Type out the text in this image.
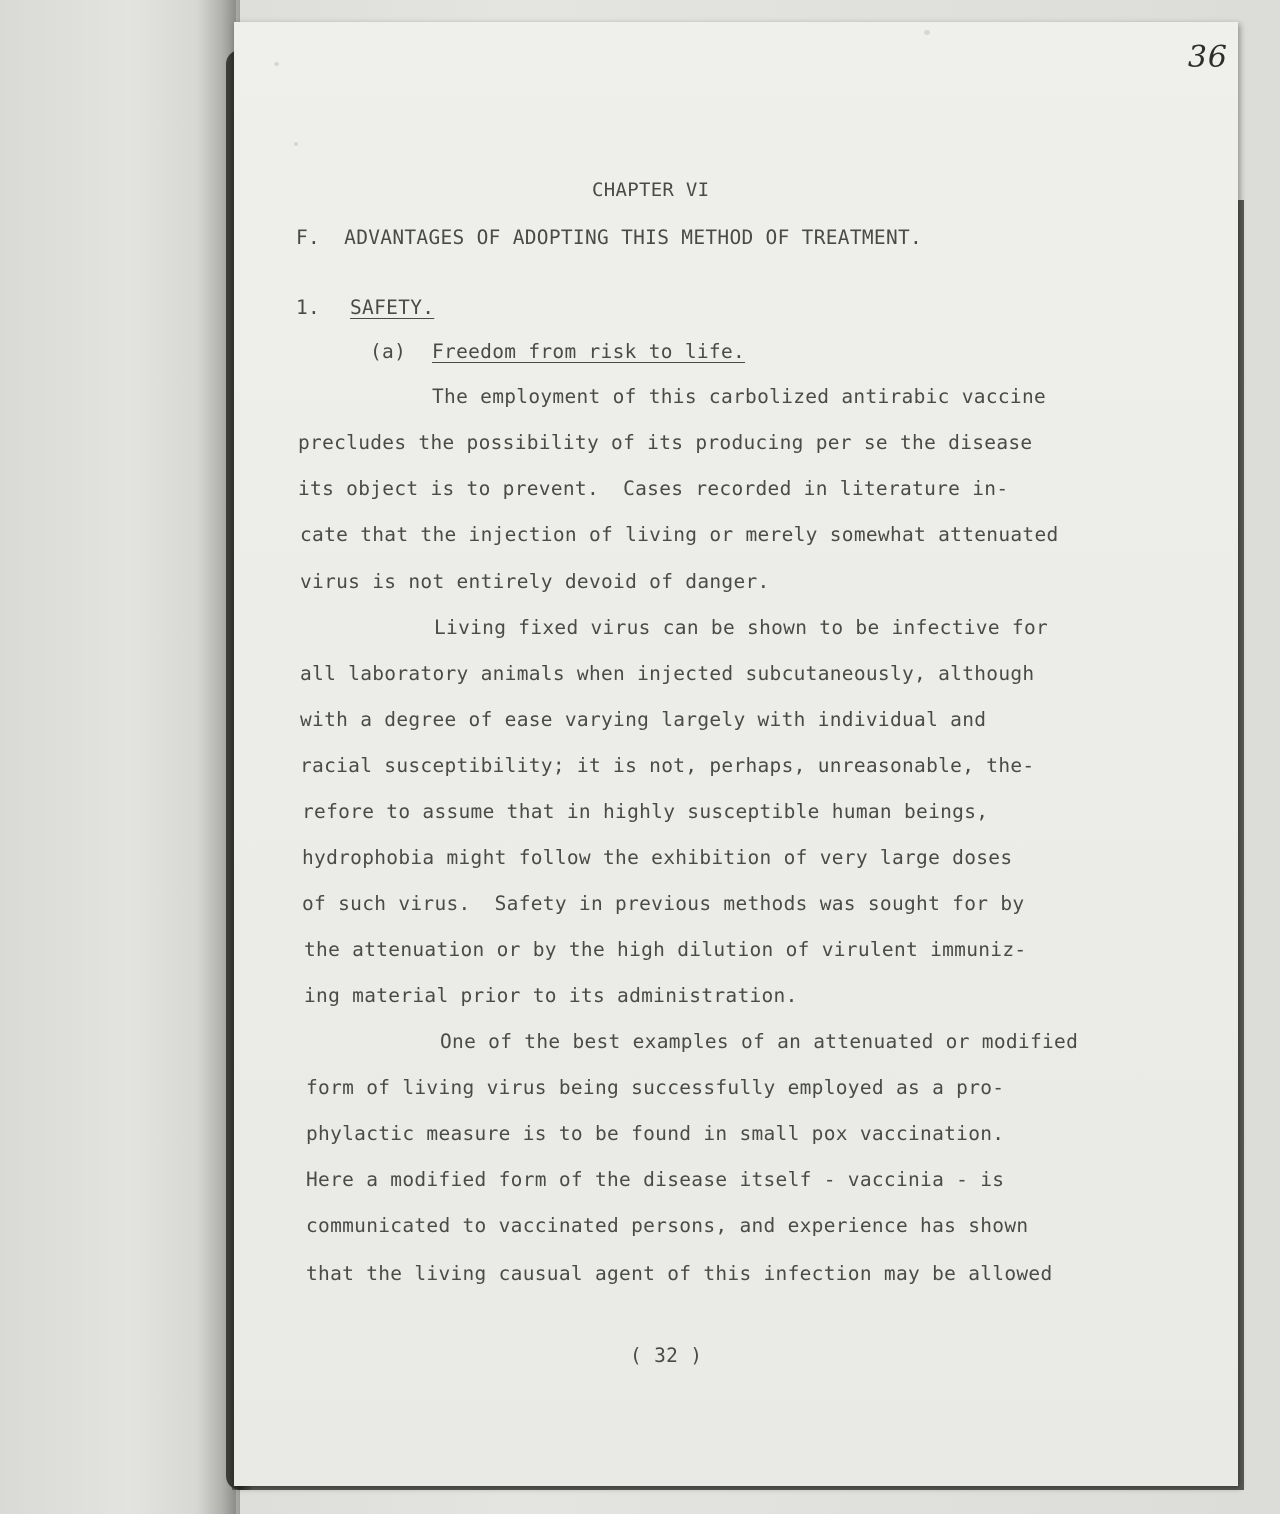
36
CHAPTER VI
F.  ADVANTAGES OF ADOPTING THIS METHOD OF TREATMENT.
1. SAFETY.
(a) Freedom from risk to life.
The employment of this carbolized antirabic vaccine
precludes the possibility of its producing per se the disease
its object is to prevent.  Cases recorded in literature in-
cate that the injection of living or merely somewhat attenuated
virus is not entirely devoid of danger.
Living fixed virus can be shown to be infective for
all laboratory animals when injected subcutaneously, although
with a degree of ease varying largely with individual and
racial susceptibility; it is not, perhaps, unreasonable, the-
refore to assume that in highly susceptible human beings,
hydrophobia might follow the exhibition of very large doses
of such virus.  Safety in previous methods was sought for by
the attenuation or by the high dilution of virulent immuniz-
ing material prior to its administration.
One of the best examples of an attenuated or modified
form of living virus being successfully employed as a pro-
phylactic measure is to be found in small pox vaccination.
Here a modified form of the disease itself - vaccinia - is
communicated to vaccinated persons, and experience has shown
that the living causual agent of this infection may be allowed
( 32 )
